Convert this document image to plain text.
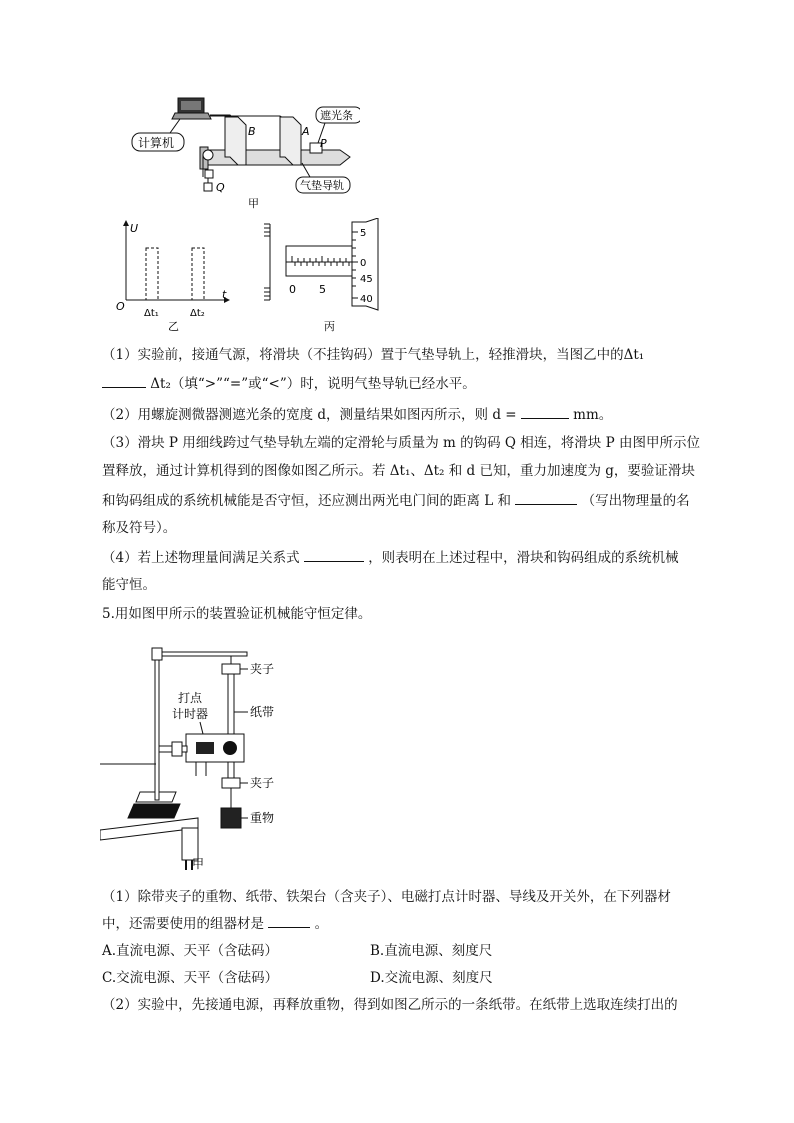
计算机
B	A
P
遮光条
气垫导轨
Q
甲
U
t
O
Δt₁	Δt₂
乙
0 5
5
0
45
40
丙
（1）实验前，接通气源，将滑块（不挂钩码）置于气垫导轨上，轻推滑块，当图乙中的Δt₁
Δt₂（填“>”“=”或“<”）时，说明气垫导轨已经水平。
（2）用螺旋测微器测遮光条的宽度 d，测量结果如图丙所示，则 d =	mm。
（3）滑块 P 用细线跨过气垫导轨左端的定滑轮与质量为 m 的钩码 Q 相连，将滑块 P 由图甲所示位
置释放，通过计算机得到的图像如图乙所示。若 Δt₁、Δt₂ 和 d 已知，重力加速度为 g，要验证滑块
和钩码组成的系统机械能是否守恒，还应测出两光电门间的距离 L 和	（写出物理量的名
称及符号）。
（4）若上述物理量间满足关系式	，则表明在上述过程中，滑块和钩码组成的系统机械
能守恒。
5.用如图甲所示的装置验证机械能守恒定律。
夹子
纸带
打点
计时器
夹子
重物
甲
（1）除带夹子的重物、纸带、铁架台（含夹子）、电磁打点计时器、导线及开关外，在下列器材
中，还需要使用的组器材是	。
A.直流电源、天平（含砝码）	B.直流电源、刻度尺
C.交流电源、天平（含砝码）	D.交流电源、刻度尺
（2）实验中，先接通电源，再释放重物，得到如图乙所示的一条纸带。在纸带上选取连续打出的
